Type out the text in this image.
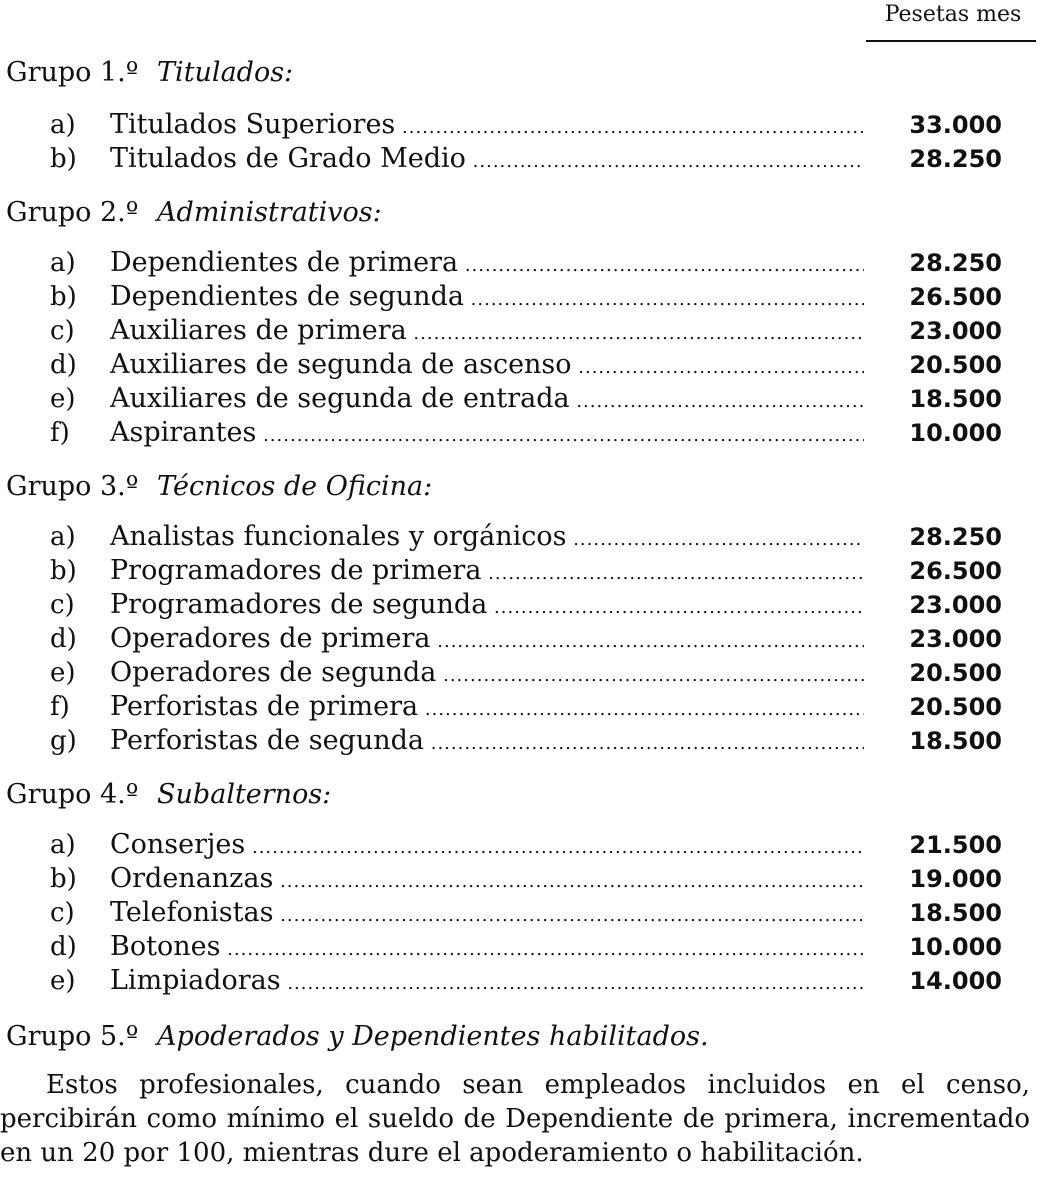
Pesetas mes
Grupo 1.º Titulados:
a) Titulados Superiores .....	33.000
b) Titulados de Grado Medio .....	28.250
Grupo 2.º Administrativos:
a) Dependientes de primera .....	28.250
b) Dependientes de segunda .....	26.500
c) Auxiliares de primera .....	23.000
d) Auxiliares de segunda de ascenso .....	20.500
e) Auxiliares de segunda de entrada .....	18.500
f) Aspirantes .....	10.000
Grupo 3.º Técnicos de Oficina:
a) Analistas funcionales y orgánicos .....	28.250
b) Programadores de primera .....	26.500
c) Programadores de segunda .....	23.000
d) Operadores de primera .....	23.000
e) Operadores de segunda .....	20.500
f) Perforistas de primera .....	20.500
g) Perforistas de segunda .....	18.500
Grupo 4.º Subalternos:
a) Conserjes .....	21.500
b) Ordenanzas .....	19.000
c) Telefonistas .....	18.500
d) Botones .....	10.000
e) Limpiadoras .....	14.000
Grupo 5.º Apoderados y Dependientes habilitados.

Estos profesionales, cuando sean empleados incluidos en el censo, percibirán como mínimo el sueldo de Dependiente de primera, incrementado en un 20 por 100, mientras dure el apoderamiento o habilitación.
